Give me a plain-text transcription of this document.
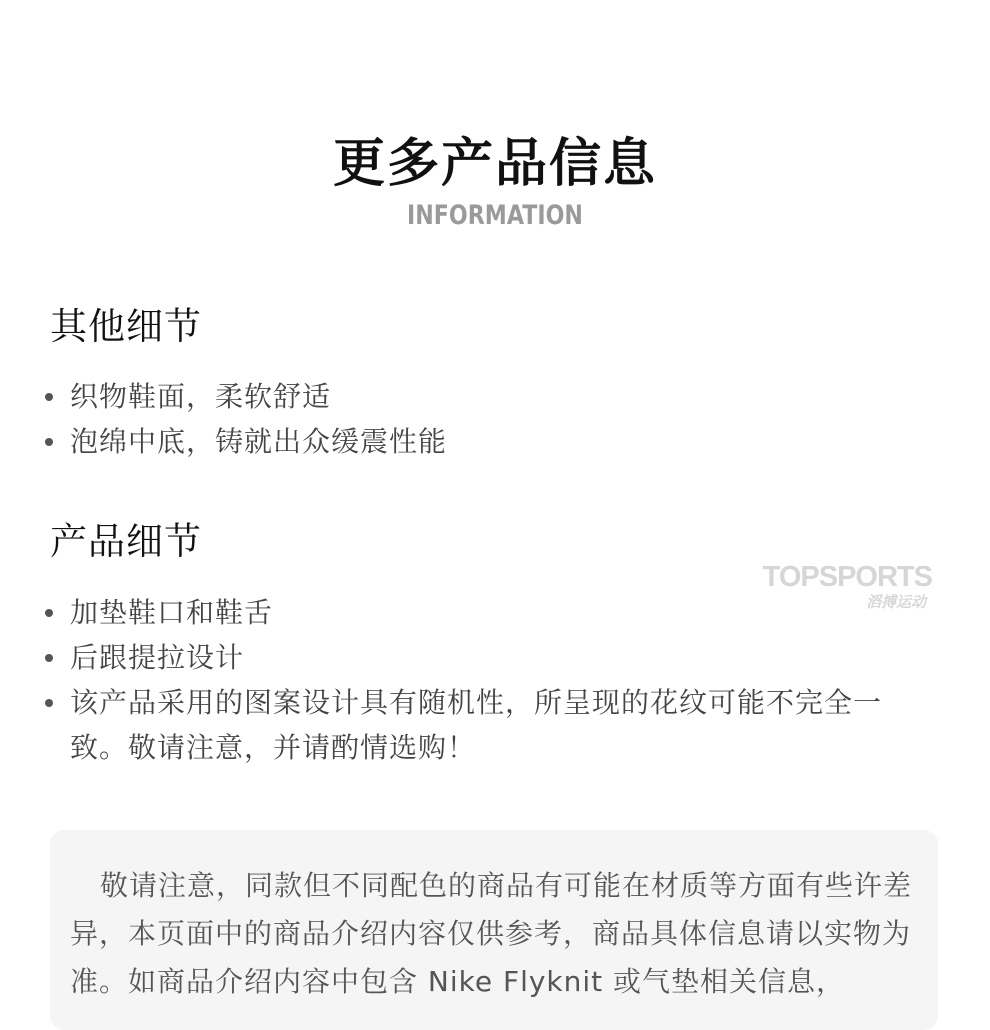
更多产品信息
INFORMATION
其他细节
织物鞋面，柔软舒适
泡绵中底，铸就出众缓震性能
产品细节
加垫鞋口和鞋舌
后跟提拉设计
该产品采用的图案设计具有随机性，所呈现的花纹可能不完全一致。敬请注意，并请酌情选购！
TOPSPORTS
滔搏运动

敬请注意，同款但不同配色的商品有可能在材质等方面有些许差异，本页面中的商品介绍内容仅供参考，商品具体信息请以实物为准。如商品介绍内容中包含 Nike Flyknit 或气垫相关信息，
